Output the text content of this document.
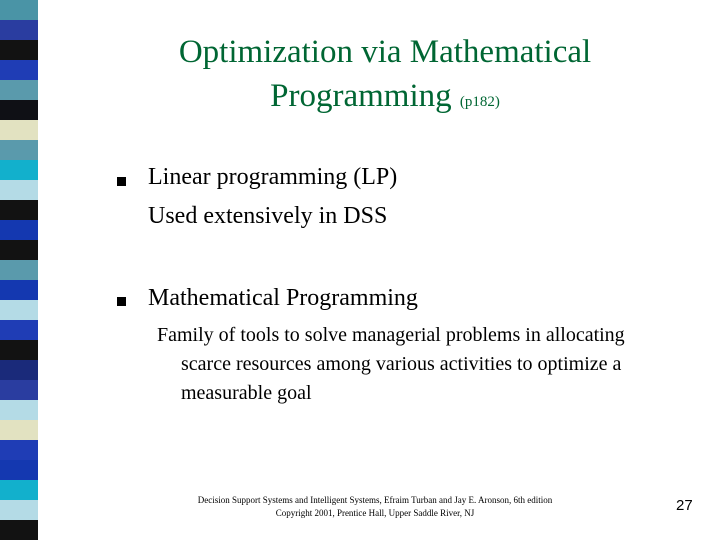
Optimization via Mathematical
Programming (p182)
Linear programming (LP)
Used extensively in DSS
Mathematical Programming
Family of tools to solve managerial problems in allocating scarce resources among various activities to optimize a measurable goal
Decision Support Systems and Intelligent Systems, Efraim Turban and Jay E. Aronson, 6th edition
Copyright 2001, Prentice Hall, Upper Saddle River, NJ	27
